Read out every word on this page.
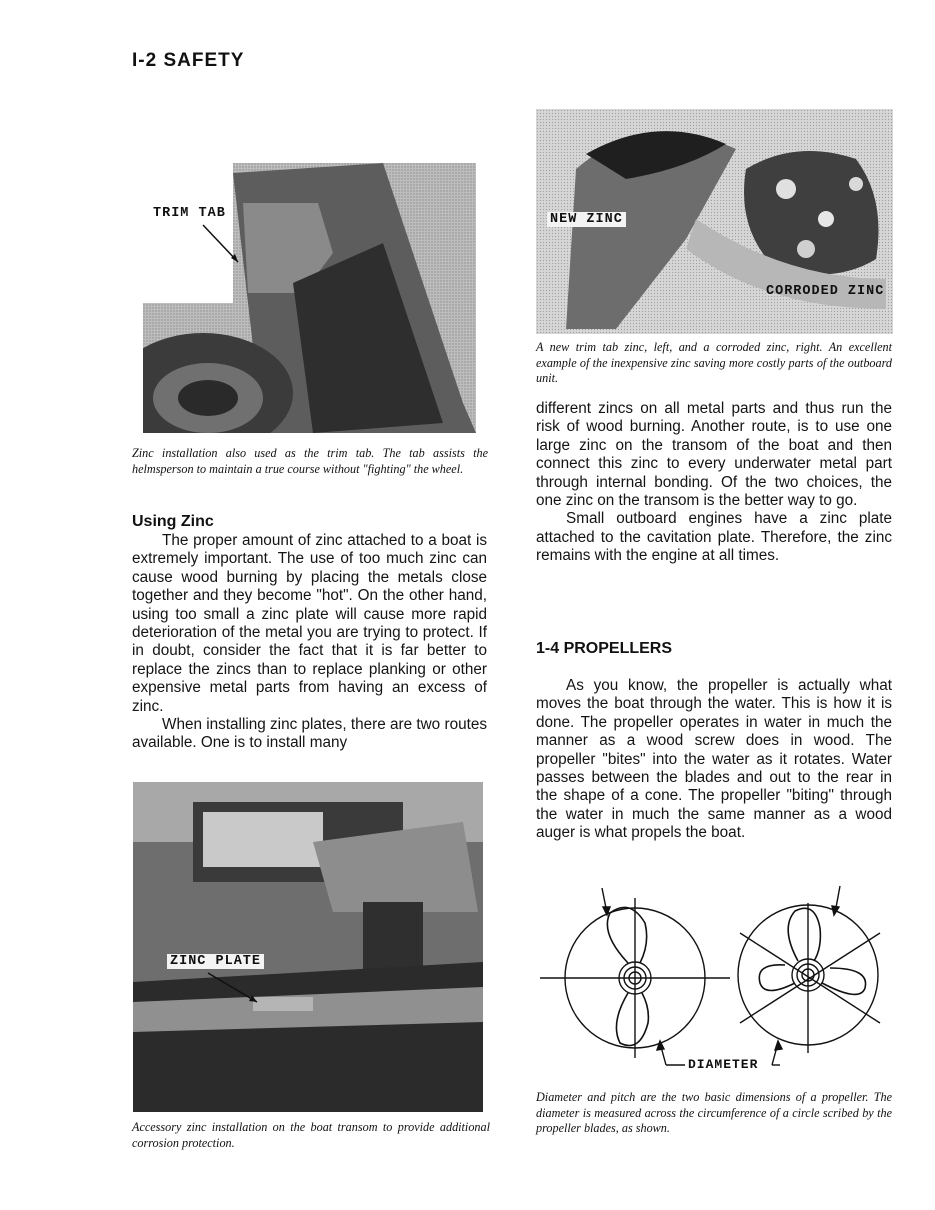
I-2 SAFETY
TRIM TAB
Zinc installation also used as the trim tab. The tab assists the helmsperson to maintain a true course without "fighting" the wheel.
Using Zinc

The proper amount of zinc attached to a boat is extremely important. The use of too much zinc can cause wood burning by placing the metals close together and they become "hot". On the other hand, using too small a zinc plate will cause more rapid deterioration of the metal you are trying to protect. If in doubt, consider the fact that it is far better to replace the zincs than to replace planking or other expensive metal parts from having an excess of zinc.

When installing zinc plates, there are two routes available. One is to install many

ZINC PLATE
Accessory zinc installation on the boat transom to provide additional corrosion protection.
NEW ZINC
CORRODED ZINC
A new trim tab zinc, left, and a corroded zinc, right. An excellent example of the inexpensive zinc saving more costly parts of the outboard unit.

different zincs on all metal parts and thus run the risk of wood burning. Another route, is to use one large zinc on the transom of the boat and then connect this zinc to every underwater metal part through internal bonding. Of the two choices, the one zinc on the transom is the better way to go.

Small outboard engines have a zinc plate attached to the cavitation plate. Therefore, the zinc remains with the engine at all times.

1-4 PROPELLERS

As you know, the propeller is actually what moves the boat through the water. This is how it is done. The propeller operates in water in much the manner as a wood screw does in wood. The propeller "bites" into the water as it rotates. Water passes between the blades and out to the rear in the shape of a cone. The propeller "biting" through the water in much the same manner as a wood auger is what propels the boat.

DIAMETER
Diameter and pitch are the two basic dimensions of a propeller. The diameter is measured across the circumference of a circle scribed by the propeller blades, as shown.
